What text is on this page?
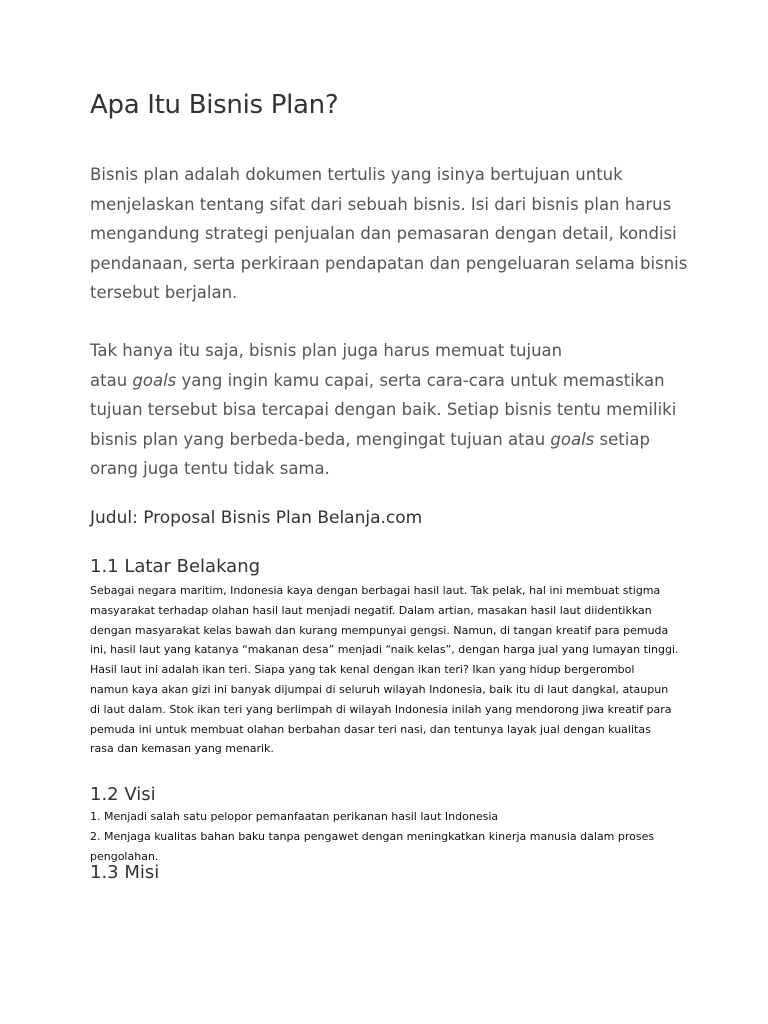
Apa Itu Bisnis Plan?

Bisnis plan adalah dokumen tertulis yang isinya bertujuan untuk
menjelaskan tentang sifat dari sebuah bisnis. Isi dari bisnis plan harus
mengandung strategi penjualan dan pemasaran dengan detail, kondisi
pendanaan, serta perkiraan pendapatan dan pengeluaran selama bisnis
tersebut berjalan.

Tak hanya itu saja, bisnis plan juga harus memuat tujuan
atau goals yang ingin kamu capai, serta cara-cara untuk memastikan
tujuan tersebut bisa tercapai dengan baik. Setiap bisnis tentu memiliki
bisnis plan yang berbeda-beda, mengingat tujuan atau goals setiap
orang juga tentu tidak sama.

Judul: Proposal Bisnis Plan Belanja.com
1.1 Latar Belakang
Sebagai negara maritim, Indonesia kaya dengan berbagai hasil laut. Tak pelak, hal ini membuat stigma
masyarakat terhadap olahan hasil laut menjadi negatif. Dalam artian, masakan hasil laut diidentikkan
dengan masyarakat kelas bawah dan kurang mempunyai gengsi. Namun, di tangan kreatif para pemuda
ini, hasil laut yang katanya “makanan desa” menjadi “naik kelas”, dengan harga jual yang lumayan tinggi.
Hasil laut ini adalah ikan teri. Siapa yang tak kenal dengan ikan teri? Ikan yang hidup bergerombol
namun kaya akan gizi ini banyak dijumpai di seluruh wilayah Indonesia, baik itu di laut dangkal, ataupun
di laut dalam. Stok ikan teri yang berlimpah di wilayah Indonesia inilah yang mendorong jiwa kreatif para
pemuda ini untuk membuat olahan berbahan dasar teri nasi, dan tentunya layak jual dengan kualitas
rasa dan kemasan yang menarik.
1.2 Visi
1. Menjadi salah satu pelopor pemanfaatan perikanan hasil laut Indonesia
2. Menjaga kualitas bahan baku tanpa pengawet dengan meningkatkan kinerja manusia dalam proses
pengolahan.
1.3 Misi
